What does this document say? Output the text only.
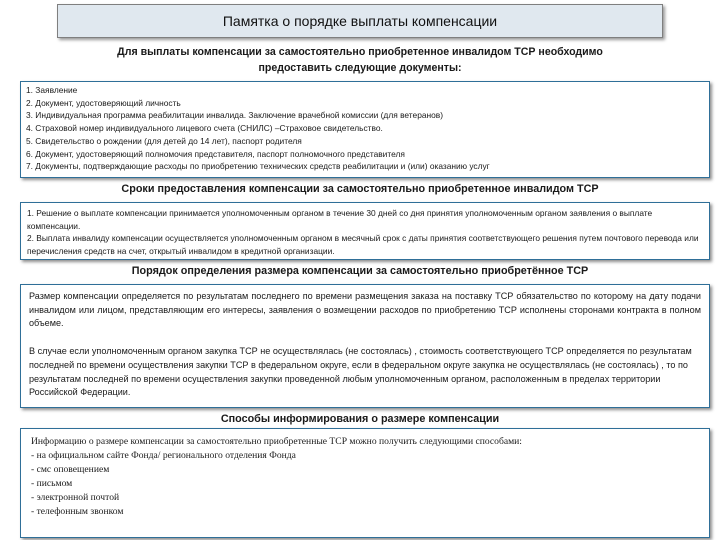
Памятка о порядке выплаты компенсации
Для выплаты компенсации за самостоятельно приобретенное инвалидом ТСР необходимо
предоставить следующие документы:
1. Заявление
2. Документ, удостоверяющий личность
3. Индивидуальная программа реабилитации инвалида. Заключение врачебной комиссии (для ветеранов)
4. Страховой номер индивидуального лицевого счета (СНИЛС) –Страховое свидетельство.
5. Свидетельство о рождении (для детей до 14 лет), паспорт родителя
6. Документ, удостоверяющий полномочия представителя, паспорт полномочного представителя
7. Документы, подтверждающие расходы по приобретению технических средств реабилитации и (или) оказанию услуг
Сроки предоставления компенсации за самостоятельно приобретенное инвалидом ТСР
1. Решение о выплате компенсации принимается уполномоченным органом в течение 30 дней со дня принятия уполномоченным органом заявления о выплате компенсации.
2. Выплата инвалиду компенсации осуществляется уполномоченным органом в месячный срок с даты принятия соответствующего решения путем почтового перевода или перечисления средств на счет, открытый инвалидом в кредитной организации.
Порядок определения размера компенсации за самостоятельно приобретённое ТСР
Размер компенсации определяется по результатам последнего по времени размещения заказа на поставку ТСР обязательство по которому на дату подачи инвалидом или лицом, представляющим его интересы, заявления о возмещении расходов по приобретению ТСР исполнены сторонами контракта в полном объеме.
В случае если уполномоченным органом закупка ТСР не осуществлялась (не состоялась) , стоимость соответствующего ТСР определяется по результатам последней по времени осуществления закупки ТСР в федеральном округе, если в федеральном округе закупка не осуществлялась (не состоялась) , то по результатам последней по времени осуществления закупки проведенной любым уполномоченным органом, расположенным в пределах территории Российской Федерации.
Способы информирования о размере компенсации
Информацию о размере компенсации за самостоятельно приобретенные ТСР можно получить следующими способами:
- на официальном сайте Фонда/ регионального отделения Фонда
- смс оповещением
- письмом
- электронной почтой
- телефонным звонком
